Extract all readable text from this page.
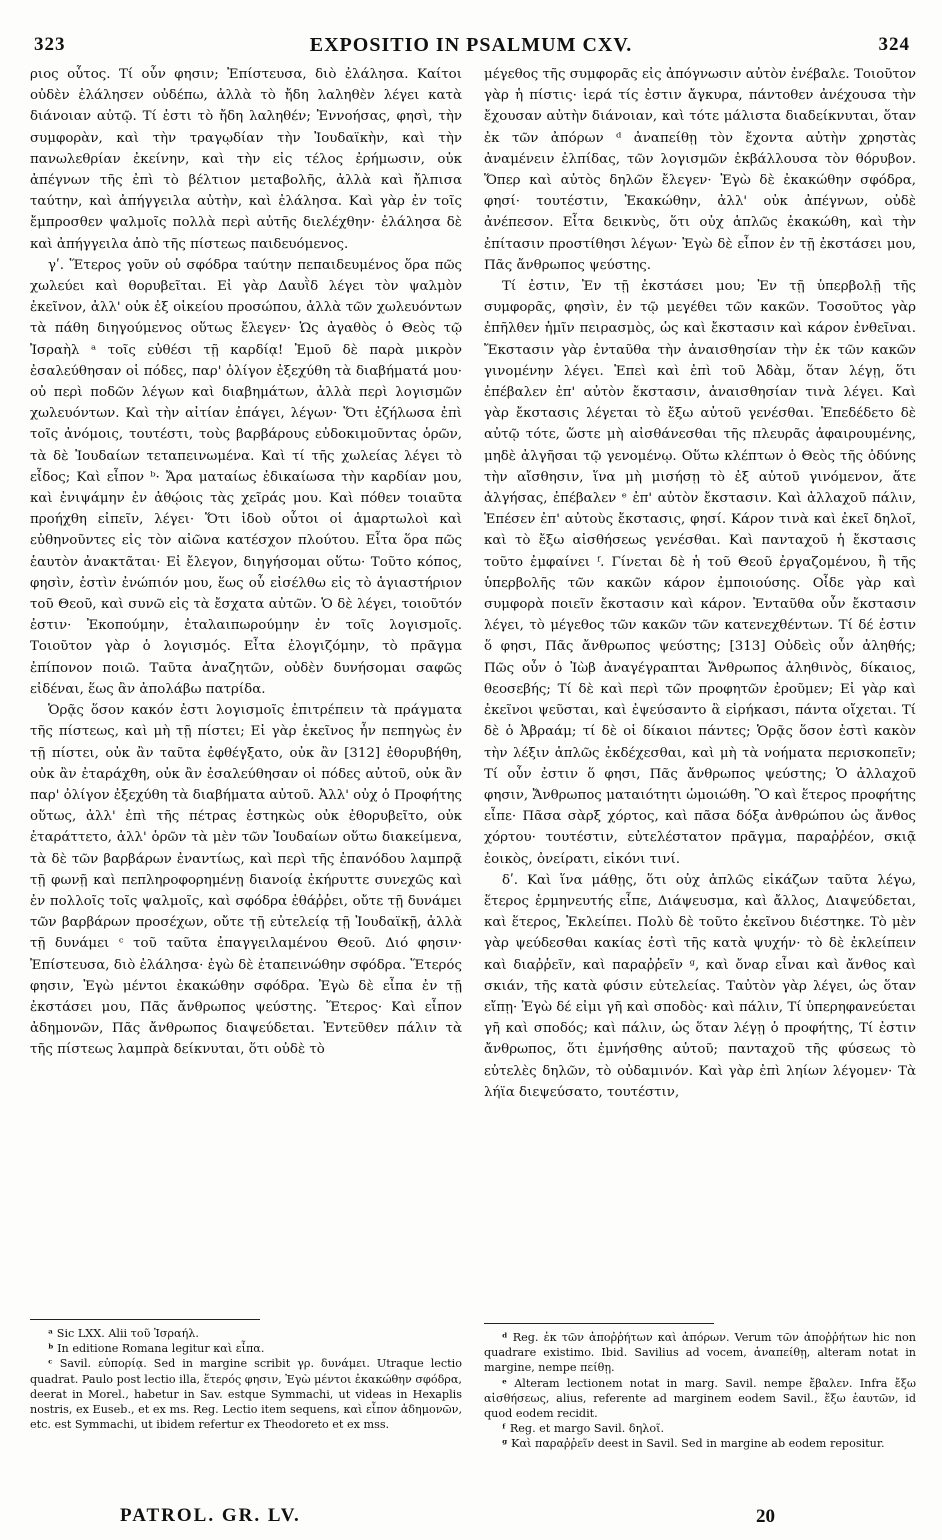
323	EXPOSITIO IN PSALMUM CXV.	324

ριος οὗτος. Τί οὖν φησιν; Ἐπίστευσα, διὸ ἐλάλησα. Καίτοι οὐδὲν ἐλάλησεν οὐδέπω, ἀλλὰ τὸ ἤδη λαληθὲν λέγει κατὰ διάνοιαν αὐτῷ. Τί ἐστι τὸ ἤδη λαληθέν; Ἐννοήσας, φησὶ, τὴν συμφορὰν, καὶ τὴν τραγῳδίαν τὴν Ἰουδαϊκὴν, καὶ τὴν πανωλεθρίαν ἐκείνην, καὶ τὴν εἰς τέλος ἐρήμωσιν, οὐκ ἀπέγνων τῆς ἐπὶ τὸ βέλτιον μεταβολῆς, ἀλλὰ καὶ ἤλπισα ταύτην, καὶ ἀπήγγειλα αὐτὴν, καὶ ἐλάλησα. Καὶ γὰρ ἐν τοῖς ἔμπροσθεν ψαλμοῖς πολλὰ περὶ αὐτῆς διελέχθην· ἐλάλησα δὲ καὶ ἀπήγγειλα ἀπὸ τῆς πίστεως παιδευόμενος.

γʹ. Ἕτερος γοῦν οὐ σφόδρα ταύτην πεπαιδευμένος ὅρα πῶς χωλεύει καὶ θορυβεῖται. Εἰ γὰρ Δαυῒδ λέγει τὸν ψαλμὸν ἐκεῖνον, ἀλλ' οὐκ ἐξ οἰκείου προσώπου, ἀλλὰ τῶν χωλευόντων τὰ πάθη διηγούμενος οὕτως ἔλεγεν· Ὡς ἀγαθὸς ὁ Θεὸς τῷ Ἰσραὴλ ᵃ τοῖς εὐθέσι τῇ καρδίᾳ! Ἐμοῦ δὲ παρὰ μικρὸν ἐσαλεύθησαν οἱ πόδες, παρ' ὀλίγον ἐξεχύθη τὰ διαβήματά μου· οὐ περὶ ποδῶν λέγων καὶ διαβημάτων, ἀλλὰ περὶ λογισμῶν χωλευόντων. Καὶ τὴν αἰτίαν ἐπάγει, λέγων· Ὅτι ἐζήλωσα ἐπὶ τοῖς ἀνόμοις, τουτέστι, τοὺς βαρβάρους εὐδοκιμοῦντας ὁρῶν, τὰ δὲ Ἰουδαίων τεταπεινωμένα. Καὶ τί τῆς χωλείας λέγει τὸ εἶδος; Καὶ εἶπον ᵇ· Ἄρα ματαίως ἐδικαίωσα τὴν καρδίαν μου, καὶ ἐνιψάμην ἐν ἀθῴοις τὰς χεῖράς μου. Καὶ πόθεν τοιαῦτα προήχθη εἰπεῖν, λέγει· Ὅτι ἰδοὺ οὗτοι οἱ ἁμαρτωλοὶ καὶ εὐθηνοῦντες εἰς τὸν αἰῶνα κατέσχον πλούτου. Εἶτα ὅρα πῶς ἑαυτὸν ἀνακτᾶται· Εἰ ἔλεγον, διηγήσομαι οὕτω· Τοῦτο κόπος, φησὶν, ἐστὶν ἐνώπιόν μου, ἕως οὗ εἰσέλθω εἰς τὸ ἁγιαστήριον τοῦ Θεοῦ, καὶ συνῶ εἰς τὰ ἔσχατα αὐτῶν. Ὁ δὲ λέγει, τοιοῦτόν ἐστιν· Ἐκοπούμην, ἐταλαιπωρούμην ἐν τοῖς λογισμοῖς. Τοιοῦτον γὰρ ὁ λογισμός. Εἶτα ἐλογιζόμην, τὸ πρᾶγμα ἐπίπονον ποιῶ. Ταῦτα ἀναζητῶν, οὐδὲν δυνήσομαι σαφῶς εἰδέναι, ἕως ἂν ἀπολάβω πατρίδα.

Ὁρᾷς ὅσον κακόν ἐστι λογισμοῖς ἐπιτρέπειν τὰ πράγματα τῆς πίστεως, καὶ μὴ τῇ πίστει; Εἰ γὰρ ἐκεῖνος ἦν πεπηγὼς ἐν τῇ πίστει, οὐκ ἂν ταῦτα ἐφθέγξατο, οὐκ ἂν [312] ἐθορυβήθη, οὐκ ἂν ἐταράχθη, οὐκ ἂν ἐσαλεύθησαν οἱ πόδες αὐτοῦ, οὐκ ἂν παρ' ὀλίγον ἐξεχύθη τὰ διαβήματα αὐτοῦ. Ἀλλ' οὐχ ὁ Προφήτης οὕτως, ἀλλ' ἐπὶ τῆς πέτρας ἑστηκὼς οὐκ ἐθορυβεῖτο, οὐκ ἐταράττετο, ἀλλ' ὁρῶν τὰ μὲν τῶν Ἰουδαίων οὕτω διακείμενα, τὰ δὲ τῶν βαρβάρων ἐναντίως, καὶ περὶ τῆς ἐπανόδου λαμπρᾷ τῇ φωνῇ καὶ πεπληροφορημένῃ διανοίᾳ ἐκήρυττε συνεχῶς καὶ ἐν πολλοῖς τοῖς ψαλμοῖς, καὶ σφόδρα ἐθάῤῥει, οὔτε τῇ δυνάμει τῶν βαρβάρων προσέχων, οὔτε τῇ εὐτελείᾳ τῇ Ἰουδαϊκῇ, ἀλλὰ τῇ δυνάμει ᶜ τοῦ ταῦτα ἐπαγγειλαμένου Θεοῦ. Διό φησιν· Ἐπίστευσα, διὸ ἐλάλησα· ἐγὼ δὲ ἐταπεινώθην σφόδρα. Ἕτερός φησιν, Ἐγὼ μέντοι ἐκακώθην σφόδρα. Ἐγὼ δὲ εἶπα ἐν τῇ ἐκστάσει μου, Πᾶς ἄνθρωπος ψεύστης. Ἕτερος· Καὶ εἶπον ἀδημονῶν, Πᾶς ἄνθρωπος διαψεύδεται. Ἐντεῦθεν πάλιν τὰ τῆς πίστεως λαμπρὰ δείκνυται, ὅτι οὐδὲ τὸ

μέγεθος τῆς συμφορᾶς εἰς ἀπόγνωσιν αὐτὸν ἐνέβαλε. Τοιοῦτον γὰρ ἡ πίστις· ἱερά τίς ἐστιν ἄγκυρα, πάντοθεν ἀνέχουσα τὴν ἔχουσαν αὐτὴν διάνοιαν, καὶ τότε μάλιστα διαδείκνυται, ὅταν ἐκ τῶν ἀπόρων ᵈ ἀναπείθῃ τὸν ἔχοντα αὐτὴν χρηστὰς ἀναμένειν ἐλπίδας, τῶν λογισμῶν ἐκβάλλουσα τὸν θόρυβον. Ὅπερ καὶ αὐτὸς δηλῶν ἔλεγεν· Ἐγὼ δὲ ἐκακώθην σφόδρα, φησί· τουτέστιν, Ἐκακώθην, ἀλλ' οὐκ ἀπέγνων, οὐδὲ ἀνέπεσον. Εἶτα δεικνὺς, ὅτι οὐχ ἁπλῶς ἐκακώθη, καὶ τὴν ἐπίτασιν προστίθησι λέγων· Ἐγὼ δὲ εἶπον ἐν τῇ ἐκστάσει μου, Πᾶς ἄνθρωπος ψεύστης.

Τί ἐστιν, Ἐν τῇ ἐκστάσει μου; Ἐν τῇ ὑπερβολῇ τῆς συμφορᾶς, φησὶν, ἐν τῷ μεγέθει τῶν κακῶν. Τοσοῦτος γὰρ ἐπῆλθεν ἡμῖν πειρασμὸς, ὡς καὶ ἔκστασιν καὶ κάρον ἐνθεῖναι. Ἔκστασιν γὰρ ἐνταῦθα τὴν ἀναισθησίαν τὴν ἐκ τῶν κακῶν γινομένην λέγει. Ἐπεὶ καὶ ἐπὶ τοῦ Ἀδὰμ, ὅταν λέγῃ, ὅτι ἐπέβαλεν ἐπ' αὐτὸν ἔκστασιν, ἀναισθησίαν τινὰ λέγει. Καὶ γὰρ ἔκστασις λέγεται τὸ ἔξω αὐτοῦ γενέσθαι. Ἐπεδέδετο δὲ αὐτῷ τότε, ὥστε μὴ αἰσθάνεσθαι τῆς πλευρᾶς ἀφαιρουμένης, μηδὲ ἀλγῆσαι τῷ γενομένῳ. Οὕτω κλέπτων ὁ Θεὸς τῆς ὀδύνης τὴν αἴσθησιν, ἵνα μὴ μισήσῃ τὸ ἐξ αὐτοῦ γινόμενον, ἅτε ἀλγήσας, ἐπέβαλεν ᵉ ἐπ' αὐτὸν ἔκστασιν. Καὶ ἀλλαχοῦ πάλιν, Ἐπέσεν ἐπ' αὐτοὺς ἔκστασις, φησί. Κάρον τινὰ καὶ ἐκεῖ δηλοῖ, καὶ τὸ ἔξω αἰσθήσεως γενέσθαι. Καὶ πανταχοῦ ἡ ἔκστασις τοῦτο ἐμφαίνει ᶠ. Γίνεται δὲ ἡ τοῦ Θεοῦ ἐργαζομένου, ἢ τῆς ὑπερβολῆς τῶν κακῶν κάρον ἐμποιούσης. Οἶδε γὰρ καὶ συμφορὰ ποιεῖν ἔκστασιν καὶ κάρον. Ἐνταῦθα οὖν ἔκστασιν λέγει, τὸ μέγεθος τῶν κακῶν τῶν κατενεχθέντων. Τί δέ ἐστιν ὅ φησι, Πᾶς ἄνθρωπος ψεύστης; [313] Οὐδεὶς οὖν ἀληθής; Πῶς οὖν ὁ Ἰὼβ ἀναγέγραπται Ἄνθρωπος ἀληθινὸς, δίκαιος, θεοσεβής; Τί δὲ καὶ περὶ τῶν προφητῶν ἐροῦμεν; Εἰ γὰρ καὶ ἐκεῖνοι ψεῦσται, καὶ ἐψεύσαντο ἃ εἰρήκασι, πάντα οἴχεται. Τί δὲ ὁ Ἀβραάμ; τί δὲ οἱ δίκαιοι πάντες; Ὁρᾷς ὅσον ἐστὶ κακὸν τὴν λέξιν ἁπλῶς ἐκδέχεσθαι, καὶ μὴ τὰ νοήματα περισκοπεῖν; Τί οὖν ἐστιν ὅ φησι, Πᾶς ἄνθρωπος ψεύστης; Ὁ ἀλλαχοῦ φησιν, Ἄνθρωπος ματαιότητι ὡμοιώθη. Ὃ καὶ ἕτερος προφήτης εἶπε· Πᾶσα σὰρξ χόρτος, καὶ πᾶσα δόξα ἀνθρώπου ὡς ἄνθος χόρτου· τουτέστιν, εὐτελέστατον πρᾶγμα, παραῤῥέον, σκιᾷ ἐοικὸς, ὀνείρατι, εἰκόνι τινί.

δʹ. Καὶ ἵνα μάθῃς, ὅτι οὐχ ἁπλῶς εἰκάζων ταῦτα λέγω, ἕτερος ἑρμηνευτής εἶπε, Διάψευσμα, καὶ ἄλλος, Διαψεύδεται, καὶ ἕτερος, Ἐκλείπει. Πολὺ δὲ τοῦτο ἐκεῖνου διέστηκε. Τὸ μὲν γὰρ ψεύδεσθαι κακίας ἐστὶ τῆς κατὰ ψυχήν· τὸ δὲ ἐκλείπειν καὶ διαῤῥεῖν, καὶ παραῤῥεῖν ᵍ, καὶ ὄναρ εἶναι καὶ ἄνθος καὶ σκιάν, τῆς κατὰ φύσιν εὐτελείας. Ταὐτὸν γὰρ λέγει, ὡς ὅταν εἴπῃ· Ἐγὼ δέ εἰμι γῆ καὶ σποδὸς· καὶ πάλιν, Τί ὑπερηφανεύεται γῆ καὶ σποδός; καὶ πάλιν, ὡς ὅταν λέγῃ ὁ προφήτης, Τί ἐστιν ἄνθρωπος, ὅτι ἐμνήσθης αὐτοῦ; πανταχοῦ τῆς φύσεως τὸ εὐτελὲς δηλῶν, τὸ οὐδαμινόν. Καὶ γὰρ ἐπὶ ληίων λέγομεν· Τὰ λήϊα διεψεύσατο, τουτέστιν,

ᵃ Sic LXX. Alii τοῦ Ἰσραήλ.

ᵇ In editione Romana legitur καὶ εἶπα.

ᶜ Savil. εὐπορίᾳ. Sed in margine scribit γρ. δυνάμει. Utraque lectio quadrat. Paulo post lectio illa, ἕτερός φησιν, Ἐγὼ μέντοι ἐκακώθην σφόδρα, deerat in Morel., habetur in Sav. estque Symmachi, ut videas in Hexaplis nostris, ex Euseb., et ex ms. Reg. Lectio item sequens, καὶ εἶπον ἀδημονῶν, etc. est Symmachi, ut ibidem refertur ex Theodoreto et ex mss.

ᵈ Reg. ἐκ τῶν ἀποῤῥήτων καὶ ἀπόρων. Verum τῶν ἀποῤῥήτων hic non quadrare existimo. Ibid. Savilius ad vocem, ἀναπείθῃ, alteram notat in margine, nempe πείθῃ.

ᵉ Alteram lectionem notat in marg. Savil. nempe ἔβαλεν. Infra ἔξω αἰσθήσεως, alius, referente ad marginem eodem Savil., ἔξω ἑαυτῶν, id quod eodem recidit.

ᶠ Reg. et margo Savil. δηλοῖ.

ᵍ Καὶ παραῤῥεῖν deest in Savil. Sed in margine ab eodem repositur.

PATROL. GR. LV.	20
